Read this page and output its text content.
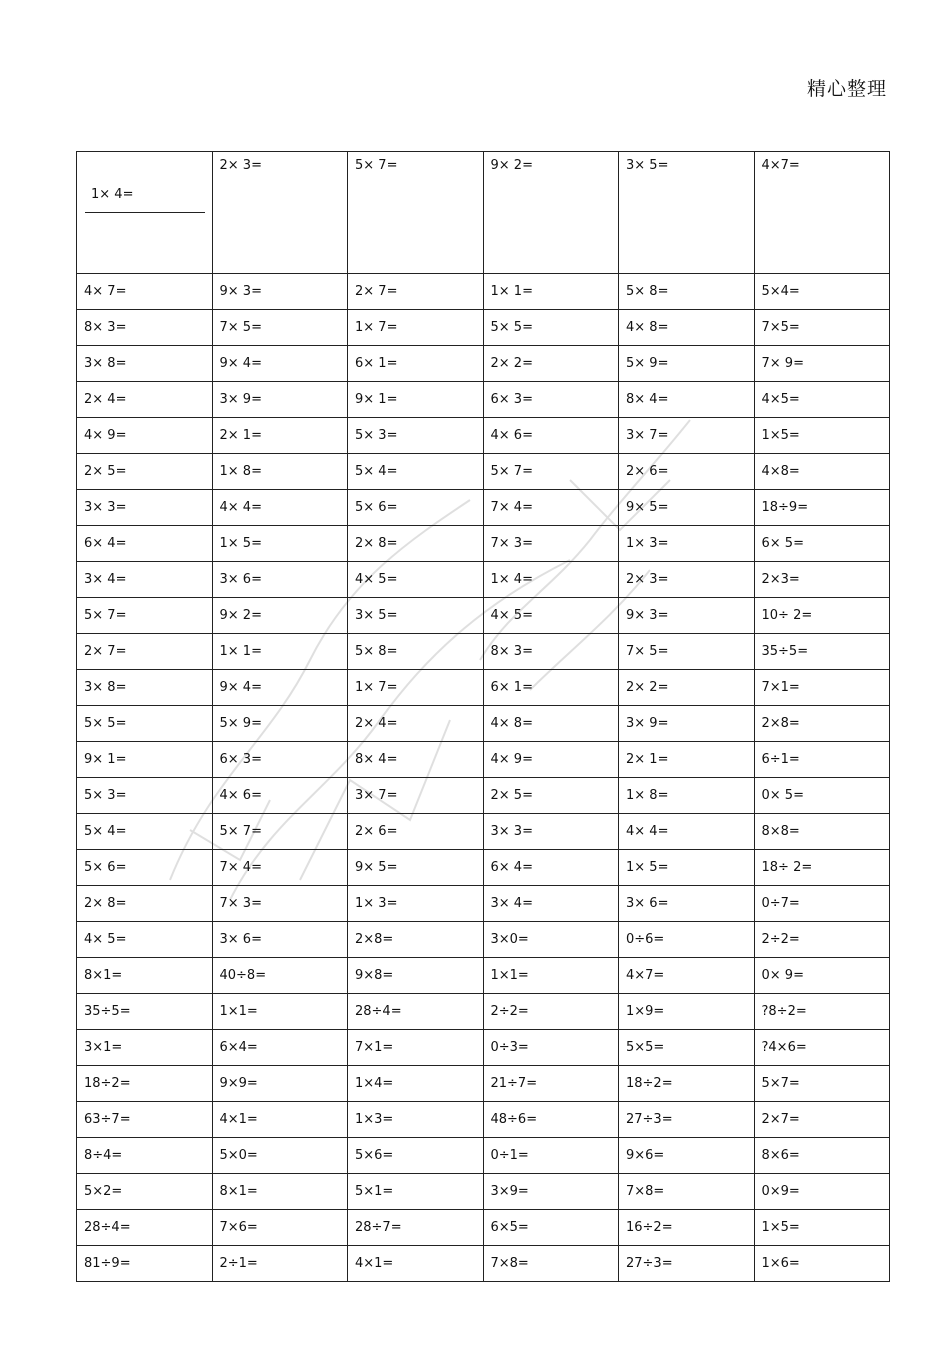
精心整理
1× 4=	2× 3=	5× 7=	9× 2=	3× 5=	4×7=
4× 7=	9× 3=	2× 7=	1× 1=	5× 8=	5×4=
8× 3=	7× 5=	1× 7=	5× 5=	4× 8=	7×5=
3× 8=	9× 4=	6× 1=	2× 2=	5× 9=	7× 9=
2× 4=	3× 9=	9× 1=	6× 3=	8× 4=	4×5=
4× 9=	2× 1=	5× 3=	4× 6=	3× 7=	1×5=
2× 5=	1× 8=	5× 4=	5× 7=	2× 6=	4×8=
3× 3=	4× 4=	5× 6=	7× 4=	9× 5=	18÷9=
6× 4=	1× 5=	2× 8=	7× 3=	1× 3=	6× 5=
3× 4=	3× 6=	4× 5=	1× 4=	2× 3=	2×3=
5× 7=	9× 2=	3× 5=	4× 5=	9× 3=	10÷ 2=
2× 7=	1× 1=	5× 8=	8× 3=	7× 5=	35÷5=
3× 8=	9× 4=	1× 7=	6× 1=	2× 2=	7×1=
5× 5=	5× 9=	2× 4=	4× 8=	3× 9=	2×8=
9× 1=	6× 3=	8× 4=	4× 9=	2× 1=	6÷1=
5× 3=	4× 6=	3× 7=	2× 5=	1× 8=	0× 5=
5× 4=	5× 7=	2× 6=	3× 3=	4× 4=	8×8=
5× 6=	7× 4=	9× 5=	6× 4=	1× 5=	18÷ 2=
2× 8=	7× 3=	1× 3=	3× 4=	3× 6=	0÷7=
4× 5=	3× 6=	2×8=	3×0=	0÷6=	2÷2=
8×1=	40÷8=	9×8=	1×1=	4×7=	0× 9=
35÷5=	1×1=	28÷4=	2÷2=	1×9=	?8÷2=
3×1=	6×4=	7×1=	0÷3=	5×5=	?4×6=
18÷2=	9×9=	1×4=	21÷7=	18÷2=	5×7=
63÷7=	4×1=	1×3=	48÷6=	27÷3=	2×7=
8÷4=	5×0=	5×6=	0÷1=	9×6=	8×6=
5×2=	8×1=	5×1=	3×9=	7×8=	0×9=
28÷4=	7×6=	28÷7=	6×5=	16÷2=	1×5=
81÷9=	2÷1=	4×1=	7×8=	27÷3=	1×6=
